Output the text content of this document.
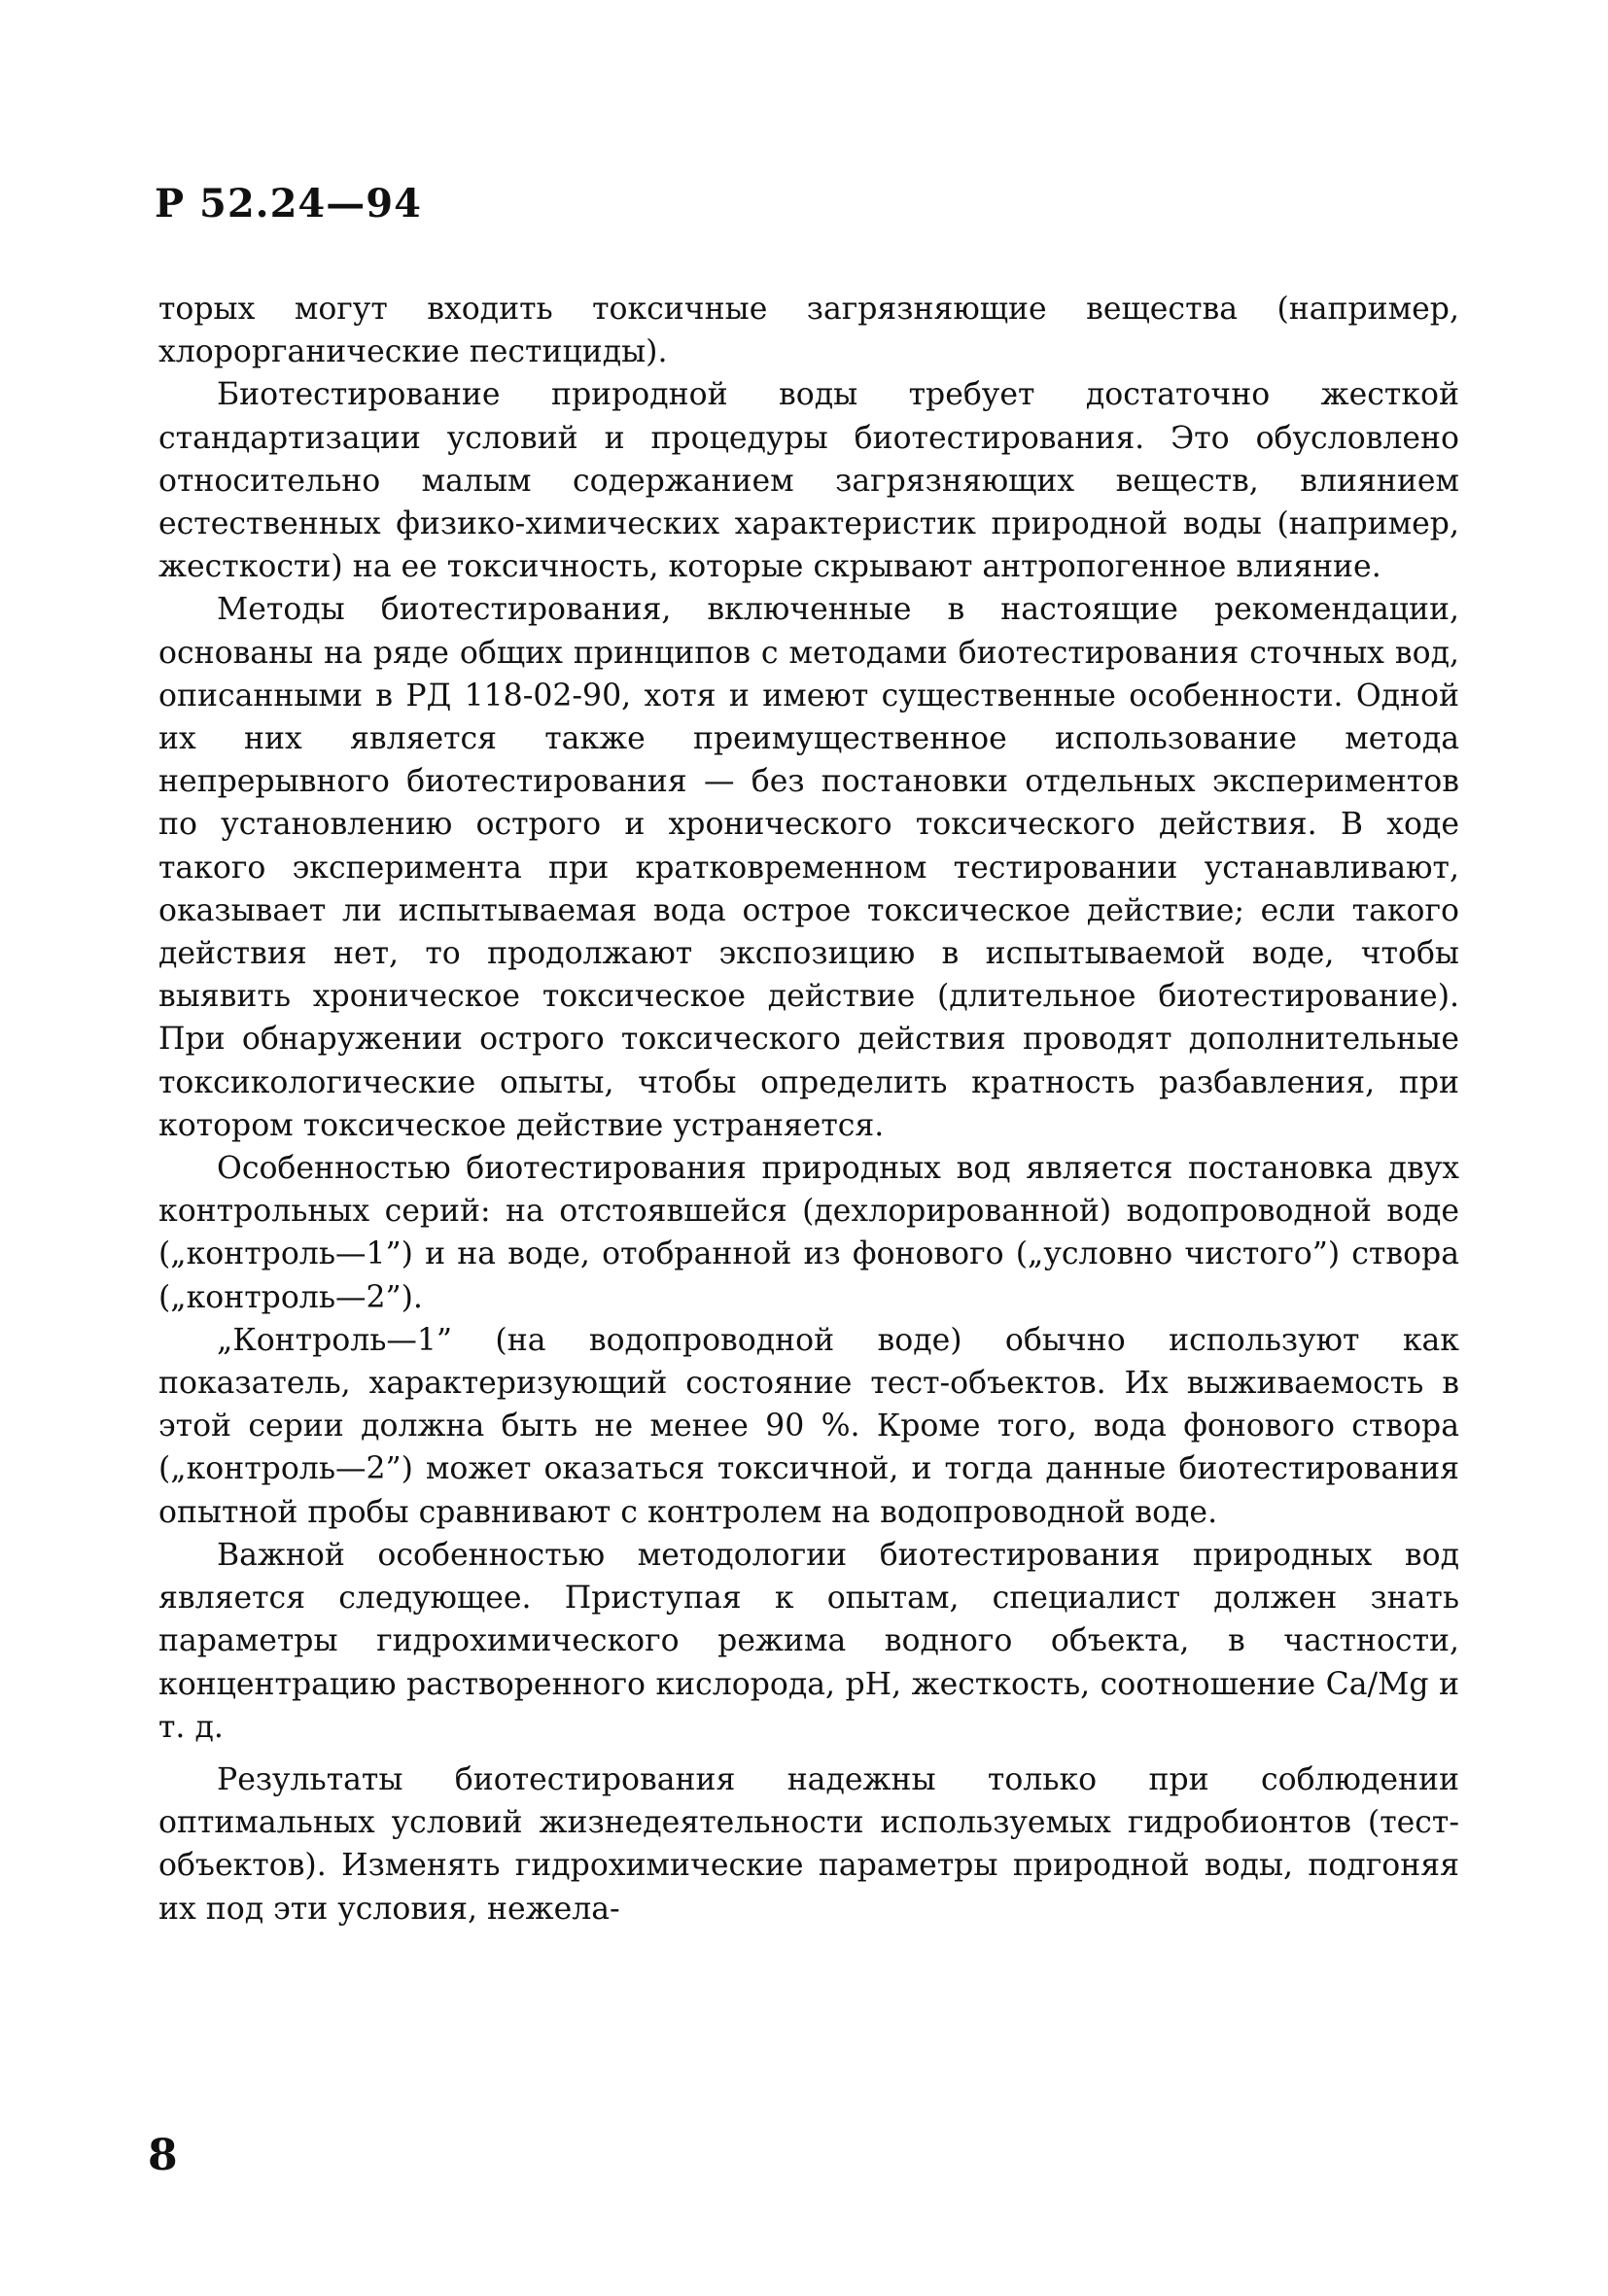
Р 52.24—94

торых могут входить токсичные загрязняющие вещества (например, хлорорганические пестициды).

Биотестирование природной воды требует достаточно жесткой стандартизации условий и процедуры биотестирования. Это обусловлено относительно малым содержанием загрязняющих веществ, влиянием естественных физико-химических характеристик природной воды (например, жесткости) на ее токсичность, которые скрывают антропогенное влияние.

Методы биотестирования, включенные в настоящие рекомендации, основаны на ряде общих принципов с методами биотестирования сточных вод, описанными в РД 118-02-90, хотя и имеют существенные особенности. Одной их них является также преимущественное использование метода непрерывного биотестирования — без постановки отдельных экспериментов по установлению острого и хронического токсического действия. В ходе такого эксперимента при кратковременном тестировании устанавливают, оказывает ли испытываемая вода острое токсическое действие; если такого действия нет, то продолжают экспозицию в испытываемой воде, чтобы выявить хроническое токсическое действие (длительное биотестирование). При обнаружении острого токсического действия проводят дополнительные токсикологические опыты, чтобы определить кратность разбавления, при котором токсическое действие устраняется.

Особенностью биотестирования природных вод является постановка двух контрольных серий: на отстоявшейся (дехлорированной) водопроводной воде („контроль—1”) и на воде, отобранной из фонового („условно чистого”) створа („контроль—2”).

„Контроль—1” (на водопроводной воде) обычно используют как показатель, характеризующий состояние тест-объектов. Их выживаемость в этой серии должна быть не менее 90 %. Кроме того, вода фонового створа („контроль—2”) может оказаться токсичной, и тогда данные биотестирования опытной пробы сравнивают с контролем на водопроводной воде.

Важной особенностью методологии биотестирования природных вод является следующее. Приступая к опытам, специалист должен знать параметры гидрохимического режима водного объекта, в частности, концентрацию растворенного кислорода, pH, жесткость, соотношение Ca/Mg и т. д.

Результаты биотестирования надежны только при соблюдении оптимальных условий жизнедеятельности используемых гидробионтов (тест-объектов). Изменять гидрохимические параметры природной воды, подгоняя их под эти условия, нежела-

8
